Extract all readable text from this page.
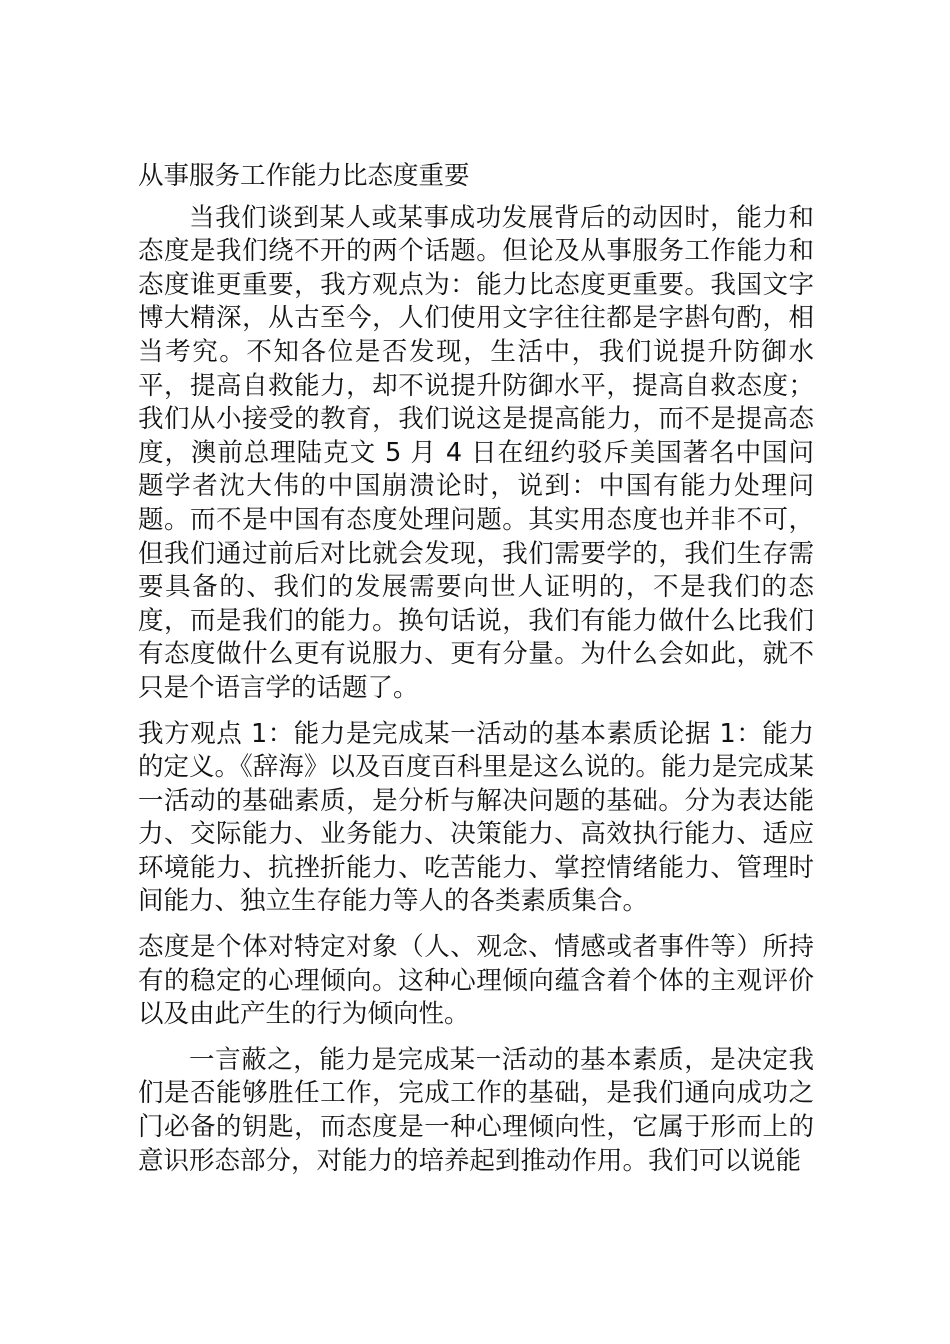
从事服务工作能力比态度重要

当我们谈到某人或某事成功发展背后的动因时，能力和态度是我们绕不开的两个话题。但论及从事服务工作能力和态度谁更重要，我方观点为：能力比态度更重要。我国文字博大精深，从古至今，人们使用文字往往都是字斟句酌，相当考究。不知各位是否发现，生活中，我们说提升防御水平，提高自救能力，却不说提升防御水平，提高自救态度；我们从小接受的教育，我们说这是提高能力，而不是提高态度，澳前总理陆克文 5 月 4 日在纽约驳斥美国著名中国问题学者沈大伟的中国崩溃论时，说到：中国有能力处理问题。而不是中国有态度处理问题。其实用态度也并非不可，但我们通过前后对比就会发现，我们需要学的，我们生存需要具备的、我们的发展需要向世人证明的，不是我们的态度，而是我们的能力。换句话说，我们有能力做什么比我们有态度做什么更有说服力、更有分量。为什么会如此，就不只是个语言学的话题了。

我方观点 1：能力是完成某一活动的基本素质论据 1：能力的定义。《辞海》以及百度百科里是这么说的。能力是完成某一活动的基础素质，是分析与解决问题的基础。分为表达能力、交际能力、业务能力、决策能力、高效执行能力、适应环境能力、抗挫折能力、吃苦能力、掌控情绪能力、管理时间能力、独立生存能力等人的各类素质集合。

态度是个体对特定对象（人、观念、情感或者事件等）所持有的稳定的心理倾向。这种心理倾向蕴含着个体的主观评价以及由此产生的行为倾向性。

一言蔽之，能力是完成某一活动的基本素质，是决定我们是否能够胜任工作，完成工作的基础，是我们通向成功之门必备的钥匙，而态度是一种心理倾向性，它属于形而上的意识形态部分，对能力的培养起到推动作用。我们可以说能
